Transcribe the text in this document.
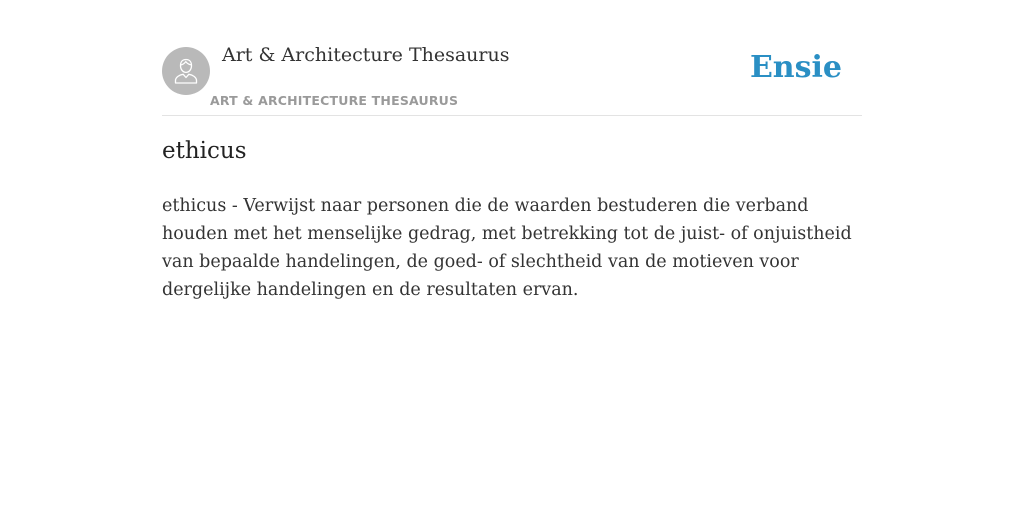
Art & Architecture Thesaurus
ART & ARCHITECTURE THESAURUS
Ensie
ethicus

ethicus - Verwijst naar personen die de waarden bestuderen die verband houden met het menselijke gedrag, met betrekking tot de juist- of onjuistheid van bepaalde handelingen, de goed- of slechtheid van de motieven voor dergelijke handelingen en de resultaten ervan.
